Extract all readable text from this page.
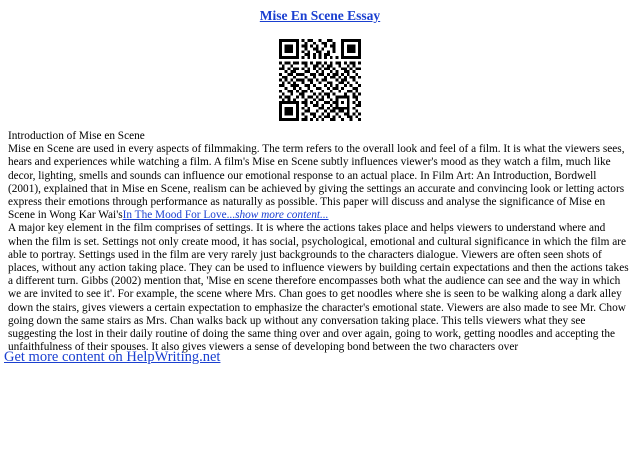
Mise En Scene Essay

Introduction of Mise en Scene

Mise en Scene are used in every aspects of filmmaking. The term refers to the overall look and feel of a film. It is what the viewers sees, hears and experiences while watching a film. A film's Mise en Scene subtly influences viewer's mood as they watch a film, much like decor, lighting, smells and sounds can influence our emotional response to an actual place. In Film Art: An Introduction, Bordwell (2001), explained that in Mise en Scene, realism can be achieved by giving the settings an accurate and convincing look or letting actors express their emotions through performance as naturally as possible. This paper will discuss and analyse the significance of Mise en Scene in Wong Kar Wai'sIn The Mood For Love...show more content...

A major key element in the film comprises of settings. It is where the actions takes place and helps viewers to understand where and when the film is set. Settings not only create mood, it has social, psychological, emotional and cultural significance in which the film are able to portray. Settings used in the film are very rarely just backgrounds to the characters dialogue. Viewers are often seen shots of places, without any action taking place. They can be used to influence viewers by building certain expectations and then the actions takes a different turn. Gibbs (2002) mention that, 'Mise en scene therefore encompasses both what the audience can see and the way in which we are invited to see it'. For example, the scene where Mrs. Chan goes to get noodles where she is seen to be walking along a dark alley down the stairs, gives viewers a certain expectation to emphasize the character's emotional state. Viewers are also made to see Mr. Chow going down the same stairs as Mrs. Chan walks back up without any conversation taking place. This tells viewers what they see suggesting the lost in their daily routine of doing the same thing over and over again, going to work, getting noodles and accepting the unfaithfulness of their spouses. It also gives viewers a sense of developing bond between the two characters over

Get more content on HelpWriting.net
